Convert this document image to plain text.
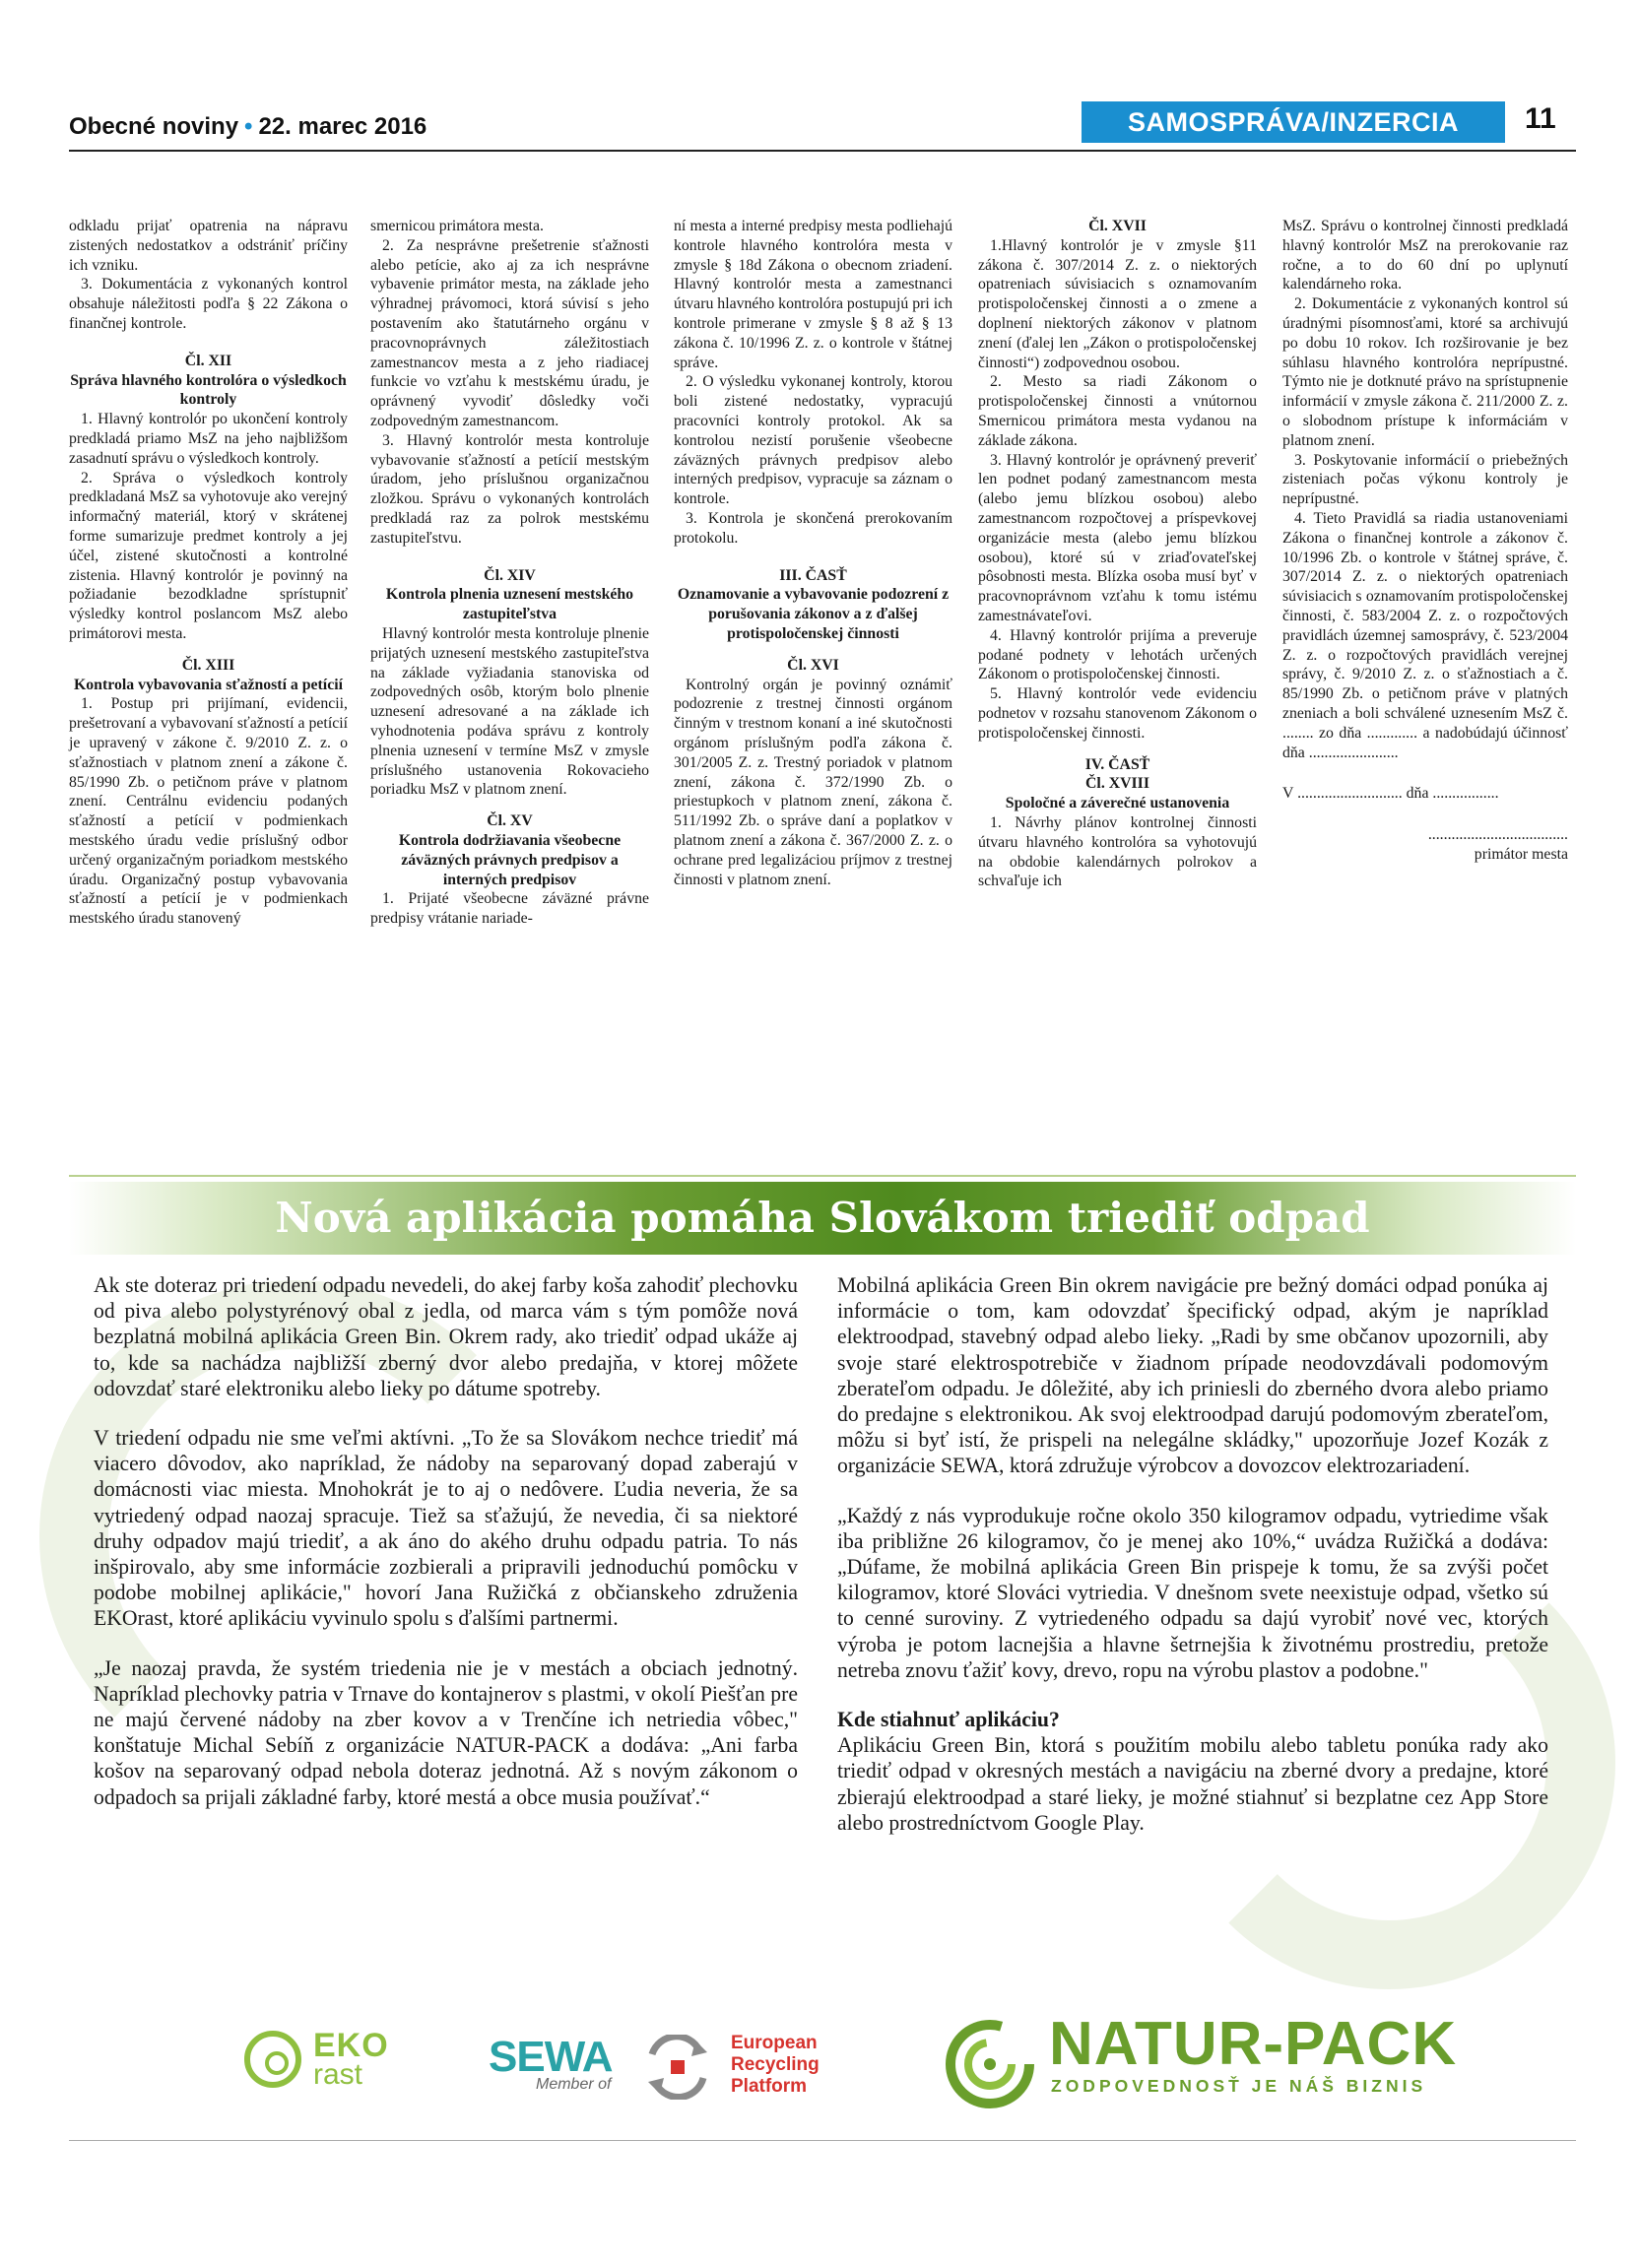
Obecné noviny • 22. marec 2016	SAMOSPRÁVA/INZERCIA	11

odkladu prijať opatrenia na nápravu zistených nedostatkov a odstrániť príčiny ich vzniku.

3. Dokumentácia z vykonaných kontrol obsahuje náležitosti podľa § 22 Zákona o finančnej kontrole.

Čl. XII
Správa hlavného kontrolóra o výsledkoch kontroly

1. Hlavný kontrolór po ukončení kontroly predkladá priamo MsZ na jeho najbližšom zasadnutí správu o výsledkoch kontroly.

2. Správa o výsledkoch kontroly predkladaná MsZ sa vyhotovuje ako verejný informačný materiál, ktorý v skrátenej forme sumarizuje predmet kontroly a jej účel, zistené skutočnosti a kontrolné zistenia. Hlavný kontrolór je povinný na požiadanie bezodkladne sprístupniť výsledky kontrol poslancom MsZ alebo primátorovi mesta.

Čl. XIII
Kontrola vybavovania sťažností a petícií

1. Postup pri prijímaní, evidencii, prešetrovaní a vybavovaní sťažností a petícií je upravený v zákone č. 9/2010 Z. z. o sťažnostiach v platnom znení a zákone č. 85/1990 Zb. o petičnom práve v platnom znení. Centrálnu evidenciu podaných sťažností a petícií v podmienkach mestského úradu vedie príslušný odbor určený organizačným poriadkom mestského úradu. Organizačný postup vybavovania sťažností a petícií je v podmienkach mestského úradu stanovený

smernicou primátora mesta.

2. Za nesprávne prešetrenie sťažnosti alebo petície, ako aj za ich nesprávne vybavenie primátor mesta, na základe jeho výhradnej právomoci, ktorá súvisí s jeho postavením ako štatutárneho orgánu v pracovnoprávnych záležitostiach zamestnancov mesta a z jeho riadiacej funkcie vo vzťahu k mestskému úradu, je oprávnený vyvodiť dôsledky voči zodpovedným zamestnancom.

3. Hlavný kontrolór mesta kontroluje vybavovanie sťažností a petícií mestským úradom, jeho príslušnou organizačnou zložkou. Správu o vykonaných kontrolách predkladá raz za polrok mestskému zastupiteľstvu.

Čl. XIV
Kontrola plnenia uznesení mestského zastupiteľstva

Hlavný kontrolór mesta kontroluje plnenie prijatých uznesení mestského zastupiteľstva na základe vyžiadania stanoviska od zodpovedných osôb, ktorým bolo plnenie uznesení adresované a na základe ich vyhodnotenia podáva správu z kontroly plnenia uznesení v termíne MsZ v zmysle príslušného ustanovenia Rokovacieho poriadku MsZ v platnom znení.

Čl. XV
Kontrola dodržiavania všeobecne záväzných právnych predpisov a interných predpisov

1. Prijaté všeobecne záväzné právne predpisy vrátanie nariade-

ní mesta a interné predpisy mesta podliehajú kontrole hlavného kontrolóra mesta v zmysle § 18d Zákona o obecnom zriadení. Hlavný kontrolór mesta a zamestnanci útvaru hlavného kontrolóra postupujú pri ich kontrole primerane v zmysle § 8 až § 13 zákona č. 10/1996 Z. z. o kontrole v štátnej správe.

2. O výsledku vykonanej kontroly, ktorou boli zistené nedostatky, vypracujú pracovníci kontroly protokol. Ak sa kontrolou nezistí porušenie všeobecne záväzných právnych predpisov alebo interných predpisov, vypracuje sa záznam o kontrole.

3. Kontrola je skončená prerokovaním protokolu.

III. ČASŤ
Oznamovanie a vybavovanie podozrení z porušovania zákonov a z ďalšej protispoločenskej činnosti
Čl. XVI

Kontrolný orgán je povinný oznámiť podozrenie z trestnej činnosti orgánom činným v trestnom konaní a iné skutočnosti orgánom príslušným podľa zákona č. 301/2005 Z. z. Trestný poriadok v platnom znení, zákona č. 372/1990 Zb. o priestupkoch v platnom znení, zákona č. 511/1992 Zb. o správe daní a poplatkov v platnom znení a zákona č. 367/2000 Z. z. o ochrane pred legalizáciou príjmov z trestnej činnosti v platnom znení.

Čl. XVII

1.Hlavný kontrolór je v zmysle §11 zákona č. 307/2014 Z. z. o niektorých opatreniach súvisiacich s oznamovaním protispoločenskej činnosti a o zmene a doplnení niektorých zákonov v platnom znení (ďalej len „Zákon o protispoločenskej činnosti“) zodpovednou osobou.

2. Mesto sa riadi Zákonom o protispoločenskej činnosti a vnútornou Smernicou primátora mesta vydanou na základe zákona.

3. Hlavný kontrolór je oprávnený preveriť len podnet podaný zamestnancom mesta (alebo jemu blízkou osobou) alebo zamestnancom rozpočtovej a príspevkovej organizácie mesta (alebo jemu blízkou osobou), ktoré sú v zriaďovateľskej pôsobnosti mesta. Blízka osoba musí byť v pracovnoprávnom vzťahu k tomu istému zamestnávateľovi.

4. Hlavný kontrolór prijíma a preveruje podané podnety v lehotách určených Zákonom o protispoločenskej činnosti.

5. Hlavný kontrolór vede evidenciu podnetov v rozsahu stanovenom Zákonom o protispoločenskej činnosti.

IV. ČASŤ
Čl. XVIII
Spoločné a záverečné ustanovenia

1. Návrhy plánov kontrolnej činnosti útvaru hlavného kontrolóra sa vyhotovujú na obdobie kalendárnych polrokov a schvaľuje ich

MsZ. Správu o kontrolnej činnosti predkladá hlavný kontrolór MsZ na prerokovanie raz ročne, a to do 60 dní po uplynutí kalendárneho roka.

2. Dokumentácie z vykonaných kontrol sú úradnými písomnosťami, ktoré sa archivujú po dobu 10 rokov. Ich rozširovanie je bez súhlasu hlavného kontrolóra neprípustné. Týmto nie je dotknuté právo na sprístupnenie informácií v zmysle zákona č. 211/2000 Z. z. o slobodnom prístupe k informáciám v platnom znení.

3. Poskytovanie informácií o priebežných zisteniach počas výkonu kontroly je neprípustné.

4. Tieto Pravidlá sa riadia ustanoveniami Zákona o finančnej kontrole a zákonov č. 10/1996 Zb. o kontrole v štátnej správe, č. 307/2014 Z. z. o niektorých opatreniach súvisiacich s oznamovaním protispoločenskej činnosti, č. 583/2004 Z. z. o rozpočtových pravidlách územnej samosprávy, č. 523/2004 Z. z. o rozpočtových pravidlách verejnej správy, č. 9/2010 Z. z. o sťažnostiach a č. 85/1990 Zb. o petičnom práve v platných zneniach a boli schválené uznesením MsZ č. ........ zo dňa ............. a nadobúdajú účinnosť dňa .......................

V ........................... dňa .................
....................................
primátor mesta
Nová aplikácia pomáha Slovákom triediť odpad

Ak ste doteraz pri triedení odpadu nevedeli, do akej farby koša zahodiť plechovku od piva alebo polystyrénový obal z jedla, od marca vám s tým pomôže nová bezplatná mobilná aplikácia Green Bin. Okrem rady, ako triediť odpad ukáže aj to, kde sa nachádza najbližší zberný dvor alebo predajňa, v ktorej môžete odovzdať staré elektroniku alebo lieky po dátume spotreby.

V triedení odpadu nie sme veľmi aktívni. „To že sa Slovákom nechce triediť má viacero dôvodov, ako napríklad, že nádoby na separovaný dopad zaberajú v domácnosti viac miesta. Mnohokrát je to aj o nedôvere. Ľudia neveria, že sa vytriedený odpad naozaj spracuje. Tiež sa sťažujú, že nevedia, či sa niektoré druhy odpadov majú triediť, a ak áno do akého druhu odpadu patria. To nás inšpirovalo, aby sme informácie zozbierali a pripravili jednoduchú pomôcku v podobe mobilnej aplikácie," hovorí Jana Ružičká z občianskeho združenia EKOrast, ktoré aplikáciu vyvinulo spolu s ďalšími partnermi.

„Je naozaj pravda, že systém triedenia nie je v mestách a obciach jednotný. Napríklad plechovky patria v Trnave do kontajnerov s plastmi, v okolí Piešťan pre ne majú červené nádoby na zber kovov a v Trenčíne ich netriedia vôbec," konštatuje Michal Sebíň z organizácie NATUR-PACK a dodáva: „Ani farba košov na separovaný odpad nebola doteraz jednotná. Až s novým zákonom o odpadoch sa prijali základné farby, ktoré mestá a obce musia používať.“

Mobilná aplikácia Green Bin okrem navigácie pre bežný domáci odpad ponúka aj informácie o tom, kam odovzdať špecifický odpad, akým je napríklad elektroodpad, stavebný odpad alebo lieky. „Radi by sme občanov upozornili, aby svoje staré elektrospotrebiče v žiadnom prípade neodovzdávali podomovým zberateľom odpadu. Je dôležité, aby ich priniesli do zberného dvora alebo priamo do predajne s elektronikou. Ak svoj elektroodpad darujú podomovým zberateľom, môžu si byť istí, že prispeli na nelegálne skládky," upozorňuje Jozef Kozák z organizácie SEWA, ktorá združuje výrobcov a dovozcov elektrozariadení.

„Každý z nás vyprodukuje ročne okolo 350 kilogramov odpadu, vytriedime však iba približne 26 kilogramov, čo je menej ako 10%,“ uvádza Ružičká a dodáva: „Dúfame, že mobilná aplikácia Green Bin prispeje k tomu, že sa zvýši počet kilogramov, ktoré Slováci vytriedia. V dnešnom svete neexistuje odpad, všetko sú to cenné suroviny. Z vytriedeného odpadu sa dajú vyrobiť nové vec, ktorých výroba je potom lacnejšia a hlavne šetrnejšia k životnému prostrediu, pretože netreba znovu ťažiť kovy, drevo, ropu na výrobu plastov a podobne."

Kde stiahnuť aplikáciu?

Aplikáciu Green Bin, ktorá s použitím mobilu alebo tabletu ponúka rady ako triediť odpad v okresných mestách a navigáciu na zberné dvory a predajne, ktoré zbierajú elektroodpad a staré lieky, je možné stiahnuť si bezplatne cez App Store alebo prostredníctvom Google Play.

EKO
rast	SEWA
Member of
European
Recycling
Platform
NATUR-PACK
ZODPOVEDNOSŤ JE NÁŠ BIZNIS
